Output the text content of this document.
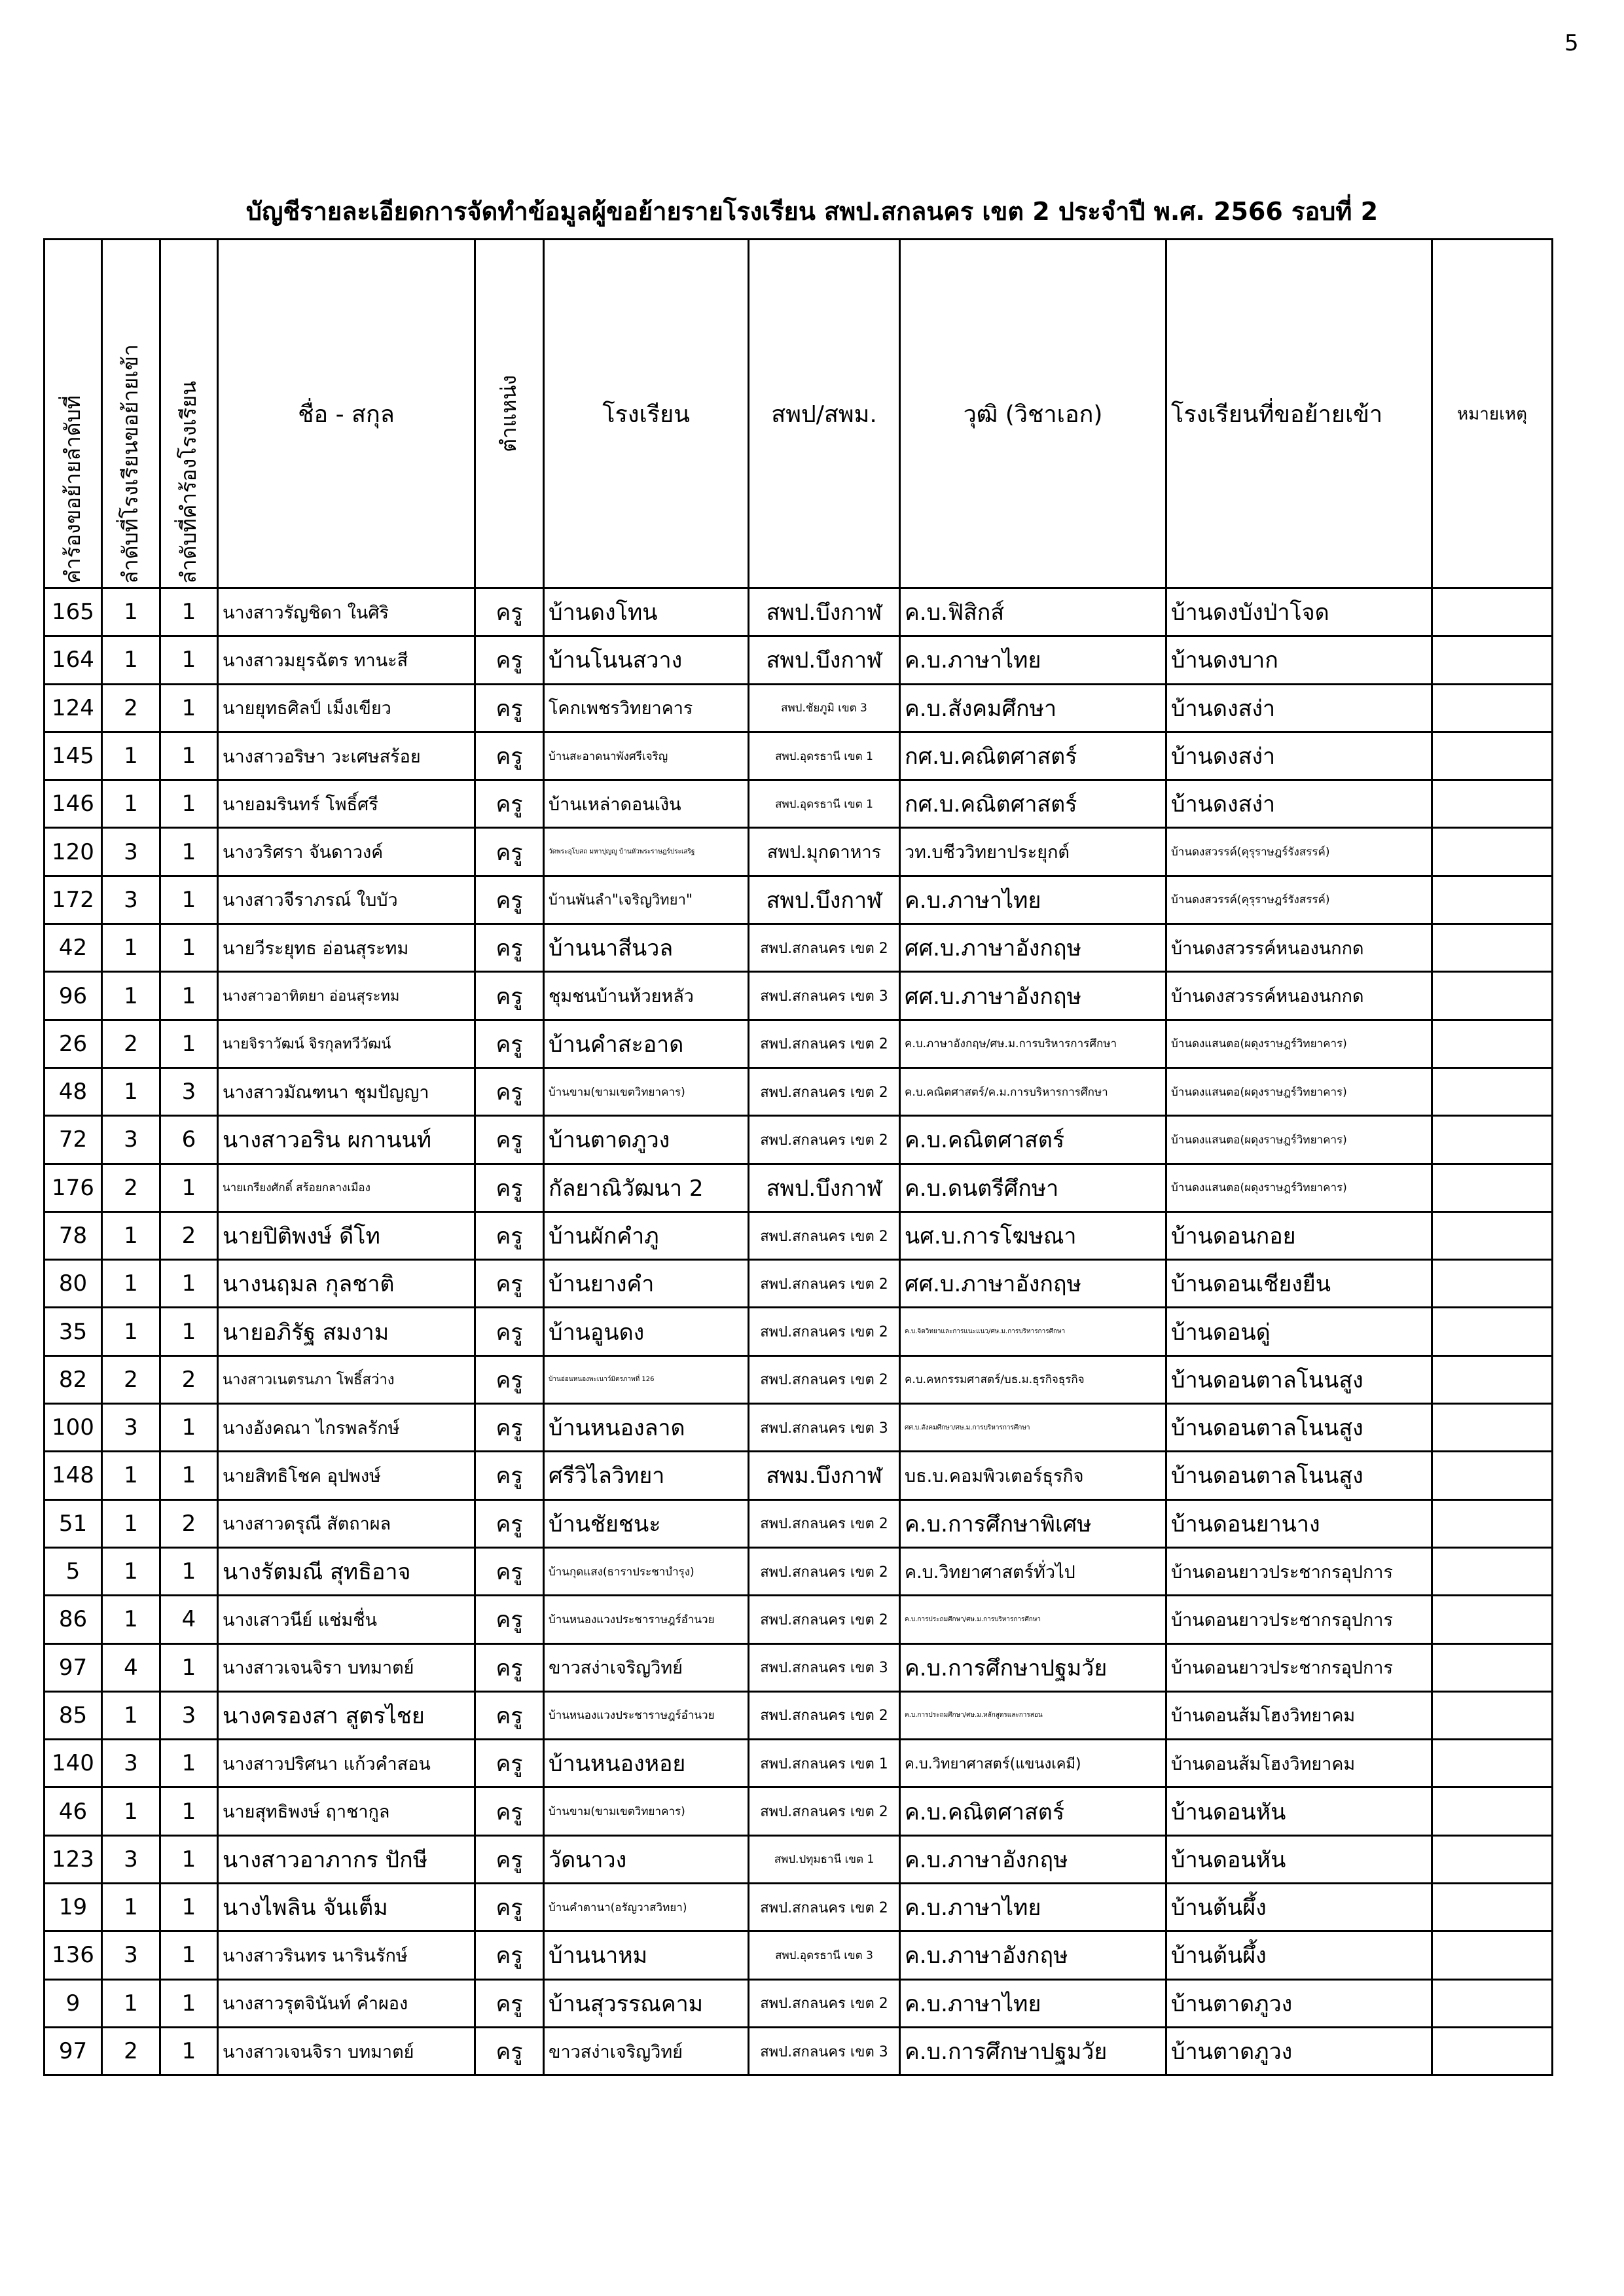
5
บัญชีรายละเอียดการจัดทำข้อมูลผู้ขอย้ายรายโรงเรียน สพป.สกลนคร เขต 2 ประจำปี พ.ศ. 2566 รอบที่ 2
คำร้องขอย้ายลำดับที่	ลำดับที่โรงเรียนขอย้ายเข้า	ลำดับที่คำร้องโรงเรียน	ชื่อ - สกุล	ตำแหน่ง	โรงเรียน	สพป/สพม.	วุฒิ (วิชาเอก)	โรงเรียนที่ขอย้ายเข้า	หมายเหตุ
165	1	1	นางสาวรัญชิดา ในศิริ	ครู	บ้านดงโทน	สพป.บึงกาฬ	ค.บ.ฟิสิกส์	บ้านดงบังป่าโจด	
164	1	1	นางสาวมยุรฉัตร ทานะสี	ครู	บ้านโนนสวาง	สพป.บึงกาฬ	ค.บ.ภาษาไทย	บ้านดงบาก	
124	2	1	นายยุทธศิลป์ เม็งเขียว	ครู	โคกเพชรวิทยาคาร	สพป.ชัยภูมิ เขต 3	ค.บ.สังคมศึกษา	บ้านดงสง่า	
145	1	1	นางสาวอริษา วะเศษสร้อย	ครู	บ้านสะอาดนาพังศรีเจริญ	สพป.อุดรธานี เขต 1	กศ.บ.คณิตศาสตร์	บ้านดงสง่า	
146	1	1	นายอมรินทร์ โพธิ์ศรี	ครู	บ้านเหล่าดอนเงิน	สพป.อุดรธานี เขต 1	กศ.บ.คณิตศาสตร์	บ้านดงสง่า	
120	3	1	นางวริศรา จันดาวงค์	ครู	วัดพระอุโบสถ มหาปุญญู บ้านหัวพระราษฎร์ประเสริฐ	สพป.มุกดาหาร	วท.บชีววิทยาประยุกต์	บ้านดงสวรรค์(คุรุราษฎร์รังสรรค์)	
172	3	1	นางสาวจีราภรณ์ ใบบัว	ครู	บ้านพันลำ"เจริญวิทยา"	สพป.บึงกาฬ	ค.บ.ภาษาไทย	บ้านดงสวรรค์(คุรุราษฎร์รังสรรค์)	
42	1	1	นายวีระยุทธ อ่อนสุระทม	ครู	บ้านนาสีนวล	สพป.สกลนคร เขต 2	ศศ.บ.ภาษาอังกฤษ	บ้านดงสวรรค์หนองนกกด	
96	1	1	นางสาวอาทิตยา อ่อนสุระทม	ครู	ชุมชนบ้านห้วยหลัว	สพป.สกลนคร เขต 3	ศศ.บ.ภาษาอังกฤษ	บ้านดงสวรรค์หนองนกกด	
26	2	1	นายจิราวัฒน์ จิรกุลทวีวัฒน์	ครู	บ้านคำสะอาด	สพป.สกลนคร เขต 2	ค.บ.ภาษาอังกฤษ/ศษ.ม.การบริหารการศึกษา	บ้านดงแสนตอ(ผดุงราษฎร์วิทยาคาร)	
48	1	3	นางสาวมัณฑนา ชุมปัญญา	ครู	บ้านขาม(ขามเขตวิทยาคาร)	สพป.สกลนคร เขต 2	ค.บ.คณิตศาสตร์/ค.ม.การบริหารการศึกษา	บ้านดงแสนตอ(ผดุงราษฎร์วิทยาคาร)	
72	3	6	นางสาวอริน ผกานนท์	ครู	บ้านตาดภูวง	สพป.สกลนคร เขต 2	ค.บ.คณิตศาสตร์	บ้านดงแสนตอ(ผดุงราษฎร์วิทยาคาร)	
176	2	1	นายเกรียงศักดิ์ สร้อยกลางเมือง	ครู	กัลยาณิวัฒนา 2	สพป.บึงกาฬ	ค.บ.ดนตรีศึกษา	บ้านดงแสนตอ(ผดุงราษฎร์วิทยาคาร)	
78	1	2	นายปิติพงษ์ ดีโท	ครู	บ้านผักคำภู	สพป.สกลนคร เขต 2	นศ.บ.การโฆษณา	บ้านดอนกอย	
80	1	1	นางนฤมล กุลชาติ	ครู	บ้านยางคำ	สพป.สกลนคร เขต 2	ศศ.บ.ภาษาอังกฤษ	บ้านดอนเชียงยืน	
35	1	1	นายอภิรัฐ สมงาม	ครู	บ้านอูนดง	สพป.สกลนคร เขต 2	ค.บ.จิตวิทยาและการแนะแนว/ศษ.ม.การบริหารการศึกษา	บ้านดอนดู่	
82	2	2	นางสาวเนตรนภา โพธิ์สว่าง	ครู	บ้านอ่อนหนองพะเนาว์มิตรภาพที่ 126	สพป.สกลนคร เขต 2	ค.บ.คหกรรมศาสตร์/บธ.ม.ธุรกิจธุรกิจ	บ้านดอนตาลโนนสูง	
100	3	1	นางอังคณา ไกรพลรักษ์	ครู	บ้านหนองลาด	สพป.สกลนคร เขต 3	ศศ.บ.สังคมศึกษา/ศษ.ม.การบริหารการศึกษา	บ้านดอนตาลโนนสูง	
148	1	1	นายสิทธิโชค อุปพงษ์	ครู	ศรีวิไลวิทยา	สพม.บึงกาฬ	บธ.บ.คอมพิวเตอร์ธุรกิจ	บ้านดอนตาลโนนสูง	
51	1	2	นางสาวดรุณี สัตถาผล	ครู	บ้านชัยชนะ	สพป.สกลนคร เขต 2	ค.บ.การศึกษาพิเศษ	บ้านดอนยานาง	
5	1	1	นางรัตมณี สุทธิอาจ	ครู	บ้านกุดแสง(ธาราประชาบำรุง)	สพป.สกลนคร เขต 2	ค.บ.วิทยาศาสตร์ทั่วไป	บ้านดอนยาวประชากรอุปการ	
86	1	4	นางเสาวนีย์ แช่มชื่น	ครู	บ้านหนองแวงประชาราษฎร์อำนวย	สพป.สกลนคร เขต 2	ค.บ.การประถมศึกษา/ศษ.ม.การบริหารการศึกษา	บ้านดอนยาวประชากรอุปการ	
97	4	1	นางสาวเจนจิรา บทมาตย์	ครู	ขาวสง่าเจริญวิทย์	สพป.สกลนคร เขต 3	ค.บ.การศึกษาปฐมวัย	บ้านดอนยาวประชากรอุปการ	
85	1	3	นางครองสา สูตรไชย	ครู	บ้านหนองแวงประชาราษฎร์อำนวย	สพป.สกลนคร เขต 2	ค.บ.การประถมศึกษา/ศษ.ม.หลักสูตรและการสอน	บ้านดอนส้มโฮงวิทยาคม	
140	3	1	นางสาวปริศนา แก้วคำสอน	ครู	บ้านหนองหอย	สพป.สกลนคร เขต 1	ค.บ.วิทยาศาสตร์(แขนงเคมี)	บ้านดอนส้มโฮงวิทยาคม	
46	1	1	นายสุทธิพงษ์ ฤาชากูล	ครู	บ้านขาม(ขามเขตวิทยาคาร)	สพป.สกลนคร เขต 2	ค.บ.คณิตศาสตร์	บ้านดอนหัน	
123	3	1	นางสาวอาภากร ปักษี	ครู	วัดนาวง	สพป.ปทุมธานี เขต 1	ค.บ.ภาษาอังกฤษ	บ้านดอนหัน	
19	1	1	นางไพลิน จันเต็ม	ครู	บ้านคำตานา(อรัญวาสวิทยา)	สพป.สกลนคร เขต 2	ค.บ.ภาษาไทย	บ้านต้นผึ้ง	
136	3	1	นางสาวรินทร นารินรักษ์	ครู	บ้านนาหม	สพป.อุดรธานี เขต 3	ค.บ.ภาษาอังกฤษ	บ้านต้นผึ้ง	
9	1	1	นางสาวรุตจินันท์ คำผอง	ครู	บ้านสุวรรณคาม	สพป.สกลนคร เขต 2	ค.บ.ภาษาไทย	บ้านตาดภูวง	
97	2	1	นางสาวเจนจิรา บทมาตย์	ครู	ขาวสง่าเจริญวิทย์	สพป.สกลนคร เขต 3	ค.บ.การศึกษาปฐมวัย	บ้านตาดภูวง	
